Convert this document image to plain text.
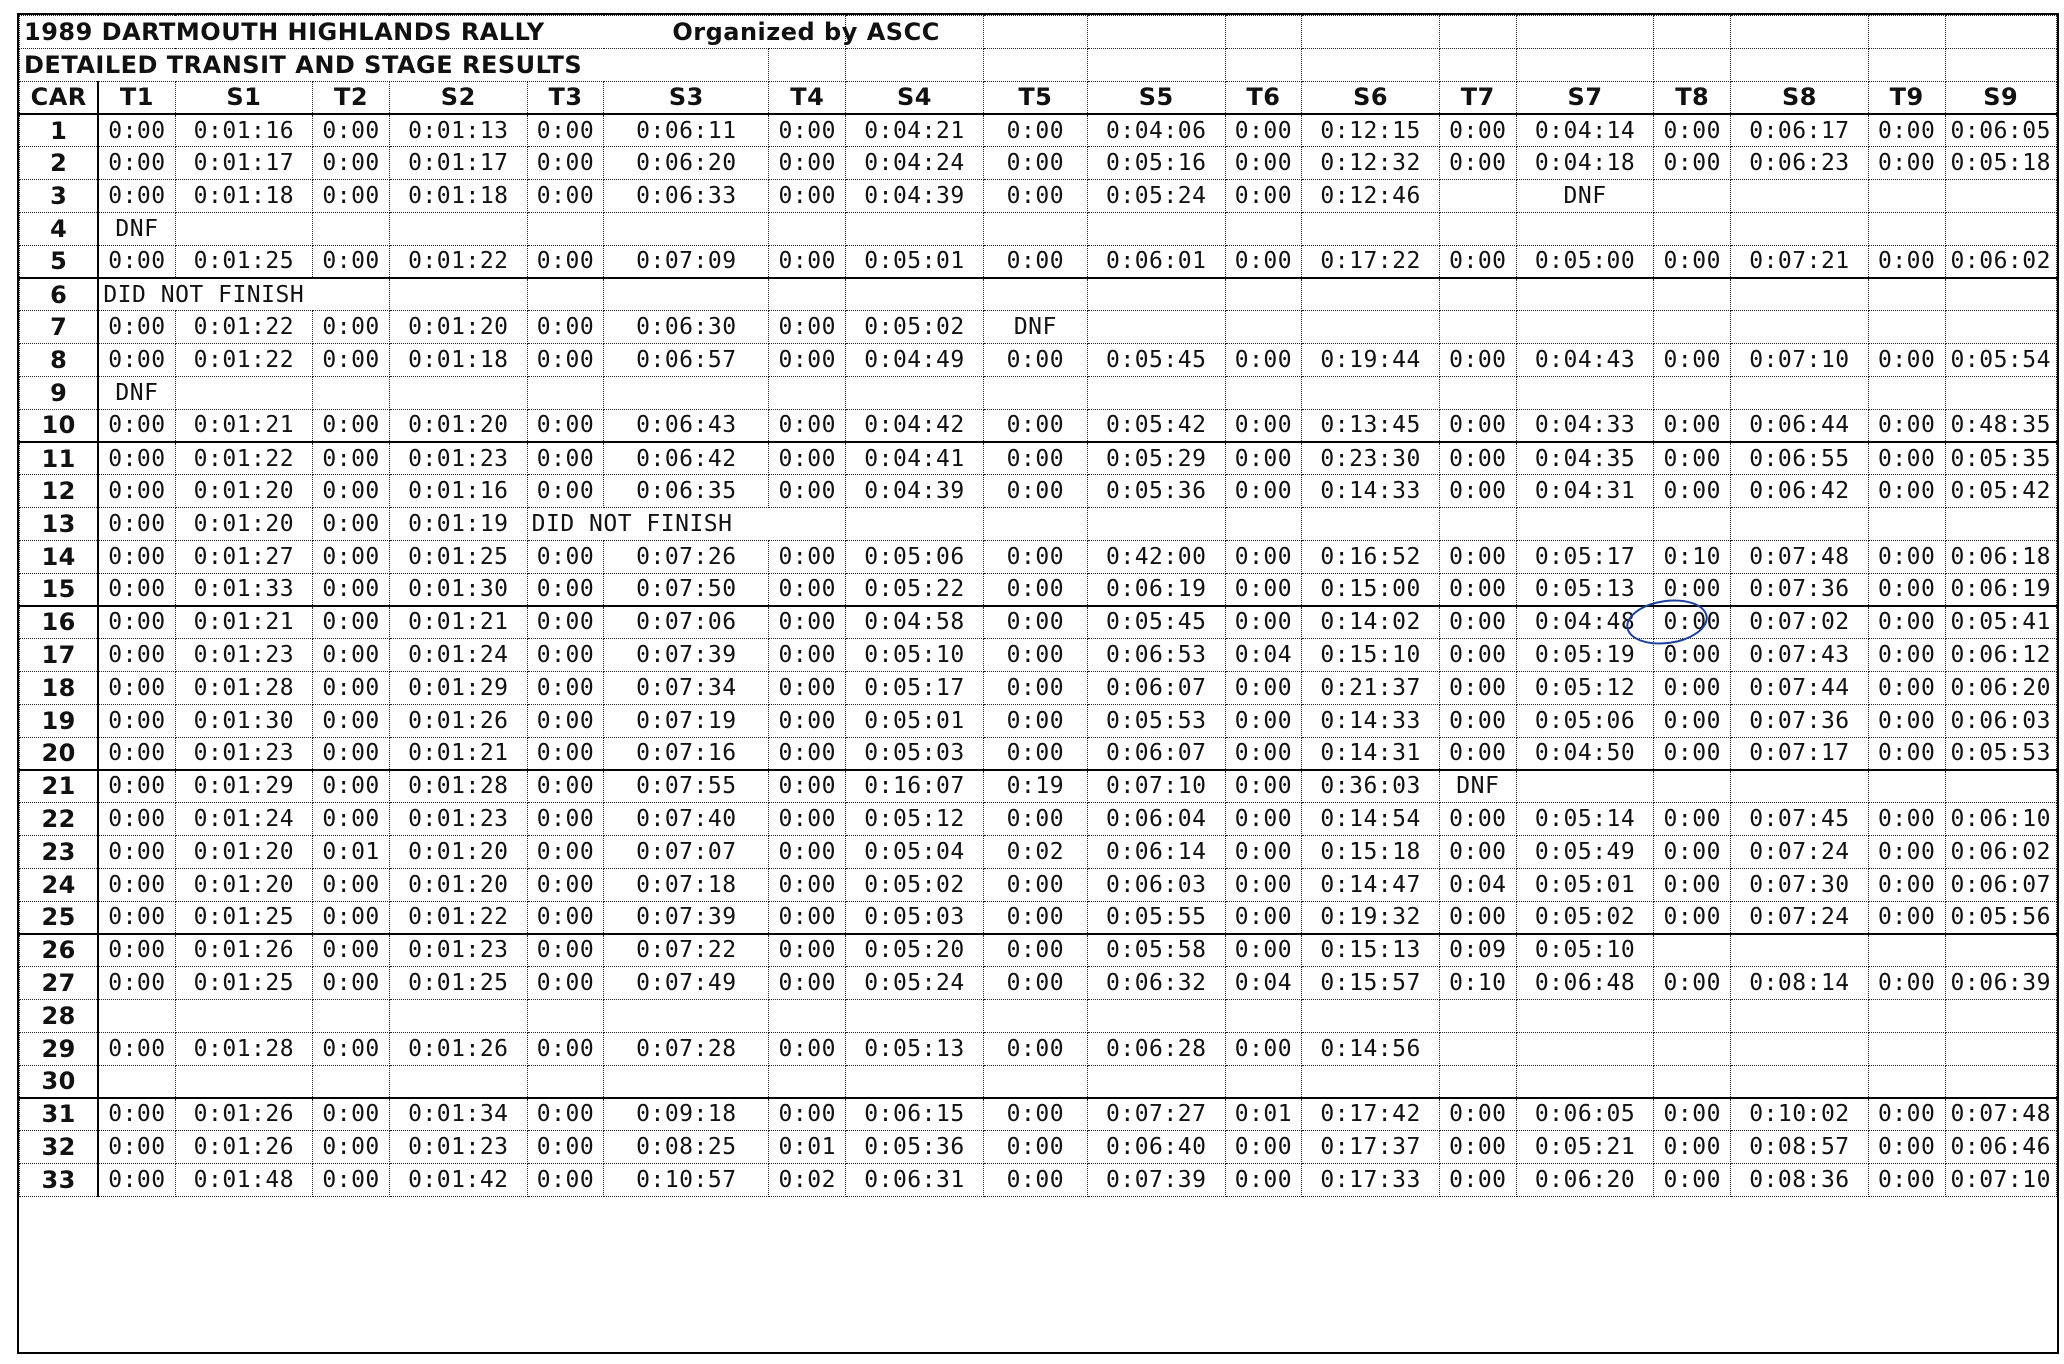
1989 DARTMOUTH HIGHLANDS RALLY Organized by ASCC																		
DETAILED TRANSIT AND STAGE RESULTS																		
CAR	T1	S1	T2	S2	T3	S3	T4	S4	T5	S5	T6	S6	T7	S7	T8	S8	T9	S9
1	0:00	0:01:16	0:00	0:01:13	0:00	0:06:11	0:00	0:04:21	0:00	0:04:06	0:00	0:12:15	0:00	0:04:14	0:00	0:06:17	0:00	0:06:05
2	0:00	0:01:17	0:00	0:01:17	0:00	0:06:20	0:00	0:04:24	0:00	0:05:16	0:00	0:12:32	0:00	0:04:18	0:00	0:06:23	0:00	0:05:18
3	0:00	0:01:18	0:00	0:01:18	0:00	0:06:33	0:00	0:04:39	0:00	0:05:24	0:00	0:12:46		DNF				
4	DNF																	
5	0:00	0:01:25	0:00	0:01:22	0:00	0:07:09	0:00	0:05:01	0:00	0:06:01	0:00	0:17:22	0:00	0:05:00	0:00	0:07:21	0:00	0:06:02
6	DID NOT FINISH																	
7	0:00	0:01:22	0:00	0:01:20	0:00	0:06:30	0:00	0:05:02	DNF									
8	0:00	0:01:22	0:00	0:01:18	0:00	0:06:57	0:00	0:04:49	0:00	0:05:45	0:00	0:19:44	0:00	0:04:43	0:00	0:07:10	0:00	0:05:54
9	DNF																	
10	0:00	0:01:21	0:00	0:01:20	0:00	0:06:43	0:00	0:04:42	0:00	0:05:42	0:00	0:13:45	0:00	0:04:33	0:00	0:06:44	0:00	0:48:35
11	0:00	0:01:22	0:00	0:01:23	0:00	0:06:42	0:00	0:04:41	0:00	0:05:29	0:00	0:23:30	0:00	0:04:35	0:00	0:06:55	0:00	0:05:35
12	0:00	0:01:20	0:00	0:01:16	0:00	0:06:35	0:00	0:04:39	0:00	0:05:36	0:00	0:14:33	0:00	0:04:31	0:00	0:06:42	0:00	0:05:42
13	0:00	0:01:20	0:00	0:01:19	DID NOT FINISH													
14	0:00	0:01:27	0:00	0:01:25	0:00	0:07:26	0:00	0:05:06	0:00	0:42:00	0:00	0:16:52	0:00	0:05:17	0:10	0:07:48	0:00	0:06:18
15	0:00	0:01:33	0:00	0:01:30	0:00	0:07:50	0:00	0:05:22	0:00	0:06:19	0:00	0:15:00	0:00	0:05:13	0:00	0:07:36	0:00	0:06:19
16	0:00	0:01:21	0:00	0:01:21	0:00	0:07:06	0:00	0:04:58	0:00	0:05:45	0:00	0:14:02	0:00	0:04:48	0:00	0:07:02	0:00	0:05:41
17	0:00	0:01:23	0:00	0:01:24	0:00	0:07:39	0:00	0:05:10	0:00	0:06:53	0:04	0:15:10	0:00	0:05:19	0:00	0:07:43	0:00	0:06:12
18	0:00	0:01:28	0:00	0:01:29	0:00	0:07:34	0:00	0:05:17	0:00	0:06:07	0:00	0:21:37	0:00	0:05:12	0:00	0:07:44	0:00	0:06:20
19	0:00	0:01:30	0:00	0:01:26	0:00	0:07:19	0:00	0:05:01	0:00	0:05:53	0:00	0:14:33	0:00	0:05:06	0:00	0:07:36	0:00	0:06:03
20	0:00	0:01:23	0:00	0:01:21	0:00	0:07:16	0:00	0:05:03	0:00	0:06:07	0:00	0:14:31	0:00	0:04:50	0:00	0:07:17	0:00	0:05:53
21	0:00	0:01:29	0:00	0:01:28	0:00	0:07:55	0:00	0:16:07	0:19	0:07:10	0:00	0:36:03	DNF					
22	0:00	0:01:24	0:00	0:01:23	0:00	0:07:40	0:00	0:05:12	0:00	0:06:04	0:00	0:14:54	0:00	0:05:14	0:00	0:07:45	0:00	0:06:10
23	0:00	0:01:20	0:01	0:01:20	0:00	0:07:07	0:00	0:05:04	0:02	0:06:14	0:00	0:15:18	0:00	0:05:49	0:00	0:07:24	0:00	0:06:02
24	0:00	0:01:20	0:00	0:01:20	0:00	0:07:18	0:00	0:05:02	0:00	0:06:03	0:00	0:14:47	0:04	0:05:01	0:00	0:07:30	0:00	0:06:07
25	0:00	0:01:25	0:00	0:01:22	0:00	0:07:39	0:00	0:05:03	0:00	0:05:55	0:00	0:19:32	0:00	0:05:02	0:00	0:07:24	0:00	0:05:56
26	0:00	0:01:26	0:00	0:01:23	0:00	0:07:22	0:00	0:05:20	0:00	0:05:58	0:00	0:15:13	0:09	0:05:10				
27	0:00	0:01:25	0:00	0:01:25	0:00	0:07:49	0:00	0:05:24	0:00	0:06:32	0:04	0:15:57	0:10	0:06:48	0:00	0:08:14	0:00	0:06:39
28																		
29	0:00	0:01:28	0:00	0:01:26	0:00	0:07:28	0:00	0:05:13	0:00	0:06:28	0:00	0:14:56						
30																		
31	0:00	0:01:26	0:00	0:01:34	0:00	0:09:18	0:00	0:06:15	0:00	0:07:27	0:01	0:17:42	0:00	0:06:05	0:00	0:10:02	0:00	0:07:48
32	0:00	0:01:26	0:00	0:01:23	0:00	0:08:25	0:01	0:05:36	0:00	0:06:40	0:00	0:17:37	0:00	0:05:21	0:00	0:08:57	0:00	0:06:46
33	0:00	0:01:48	0:00	0:01:42	0:00	0:10:57	0:02	0:06:31	0:00	0:07:39	0:00	0:17:33	0:00	0:06:20	0:00	0:08:36	0:00	0:07:10
